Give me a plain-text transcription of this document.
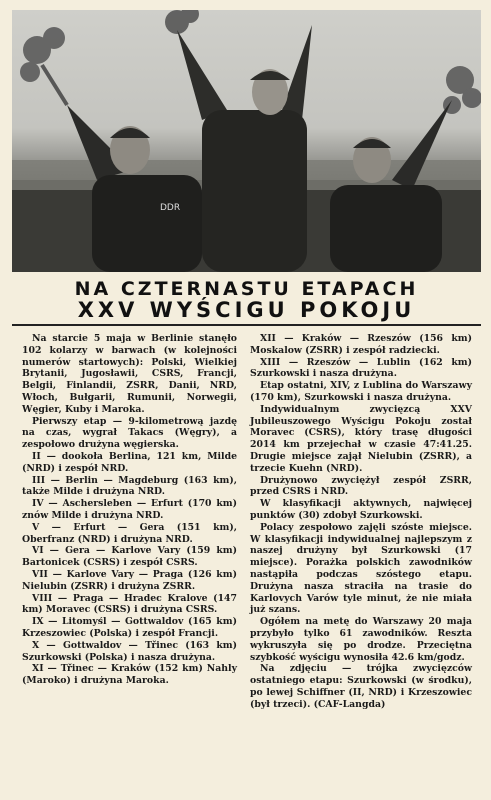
DDR
NA CZTERNASTU ETAPACH
XXV WYŚCIGU POKOJU

Na starcie 5 maja w Berlinie stanęło 102 kolarzy w barwach (w kolejności numerów startowych): Polski, Wielkiej Brytanii, Jugosławii, CSRS, Francji, Belgii, Finlandii, ZSRR, Danii, NRD, Włoch, Bułgarii, Rumunii, Norwegii, Węgier, Kuby i Maroka.

Pierwszy etap — 9-kilometrową jazdę na czas, wygrał Takacs (Węgry), a zespołowo drużyna węgierska.

II — dookoła Berlina, 121 km, Milde (NRD) i zespół NRD.

III — Berlin — Magdeburg (163 km), także Milde i drużyna NRD.

IV — Aschersleben — Erfurt (170 km) znów Milde i drużyna NRD.

V — Erfurt — Gera (151 km), Oberfranz (NRD) i drużyna NRD.

VI — Gera — Karlove Vary (159 km) Bartonicek (CSRS) i zespół CSRS.

VII — Karlove Vary — Praga (126 km) Nielubin (ZSRR) i drużyna ZSRR.

VIII — Praga — Hradec Kralove (147 km) Moravec (CSRS) i drużyna CSRS.

IX — Litomyśl — Gottwaldov (165 km) Krzeszowiec (Polska) i zespół Francji.

X — Gottwaldov — Třinec (163 km) Szurkowski (Polska) i nasza drużyna.

XI — Třinec — Kraków (152 km) Nahly (Maroko) i drużyna Maroka.

XII — Kraków — Rzeszów (156 km) Moskalow (ZSRR) i zespół radziecki.

XIII — Rzeszów — Lublin (162 km) Szurkowski i nasza drużyna.

Etap ostatni, XIV, z Lublina do Warszawy (170 km), Szurkowski i nasza drużyna.

Indywidualnym zwycięzcą XXV Jubileuszowego Wyścigu Pokoju został Moravec (CSRS), który trasę długości 2014 km przejechał w czasie 47:41.25. Drugie miejsce zajął Nielubin (ZSRR), a trzecie Kuehn (NRD).

Drużynowo zwyciężył zespół ZSRR, przed CSRS i NRD.

W klasyfikacji aktywnych, najwięcej punktów (30) zdobył Szurkowski.

Polacy zespołowo zajęli szóste miejsce. W klasyfikacji indywidualnej najlepszym z naszej drużyny był Szurkowski (17 miejsce). Porażka polskich zawodników nastąpiła podczas szóstego etapu. Drużyna nasza straciła na trasie do Karlovych Varów tyle minut, że nie miała już szans.

Ogółem na metę do Warszawy 20 maja przybyło tylko 61 zawodników. Reszta wykruszyła się po drodze. Przeciętna szybkość wyścigu wynosiła 42.6 km/godz.

Na zdjęciu — trójka zwycięzców ostatniego etapu: Szurkowski (w środku), po lewej Schiffner (II, NRD) i Krzeszowiec (był trzeci). (CAF-Langda)
